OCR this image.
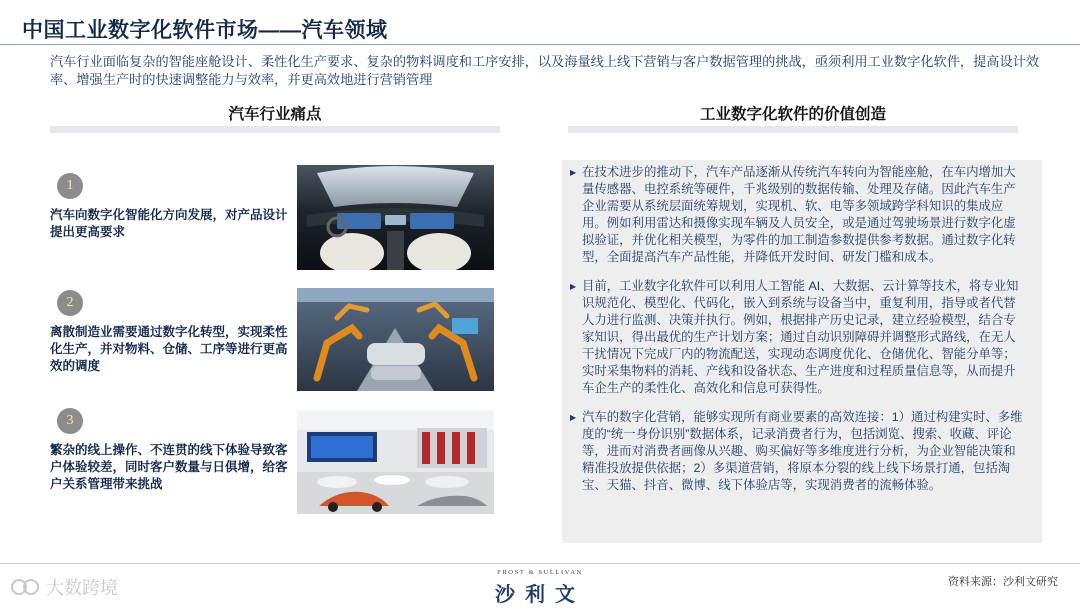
中国工业数字化软件市场——汽车领域
汽车行业面临复杂的智能座舱设计、柔性化生产要求、复杂的物料调度和工序安排，以及海量线上线下营销与客户数据管理的挑战，亟须利用工业数字化软件，提高设计效率、增强生产时的快速调整能力与效率，并更高效地进行营销管理
汽车行业痛点	工业数字化软件的价值创造
1
汽车向数字化智能化方向发展，对产品设计提出更高要求
2
离散制造业需要通过数字化转型，实现柔性化生产，并对物料、仓储、工序等进行更高效的调度
3
繁杂的线上操作、不连贯的线下体验导致客户体验较差，同时客户数量与日俱增，给客户关系管理带来挑战
▶ 在技术进步的推动下，汽车产品逐渐从传统汽车转向为智能座舱，在车内增加大量传感器、电控系统等硬件，千兆级别的数据传输、处理及存储。因此汽车生产企业需要从系统层面统筹规划，实现机、软、电等多领域跨学科知识的集成应用。例如利用雷达和摄像实现车辆及人员安全，或是通过驾驶场景进行数字化虚拟验证，并优化相关模型，为零件的加工制造参数提供参考数据。通过数字化转型，全面提高汽车产品性能，并降低开发时间、研发门槛和成本。
▶ 目前，工业数字化软件可以利用人工智能 AI、大数据、云计算等技术，将专业知识规范化、模型化、代码化，嵌入到系统与设备当中，重复利用，指导或者代替人力进行监测、决策并执行。例如，根据排产历史记录，建立经验模型，结合专家知识，得出最优的生产计划方案；通过自动识别障碍并调整形式路线，在无人干扰情况下完成厂内的物流配送，实现动态调度优化、仓储优化、智能分单等；实时采集物料的消耗、产线和设备状态、生产进度和过程质量信息等，从而提升车企生产的柔性化、高效化和信息可获得性。
▶ 汽车的数字化营销，能够实现所有商业要素的高效连接：1）通过构建实时、多维度的“统一身份识别”数据体系，记录消费者行为，包括浏览、搜索、收藏、评论等，进而对消费者画像从兴趣、购买偏好等多维度进行分析，为企业智能决策和精准投放提供依据；2）多渠道营销，将原本分裂的线上线下场景打通，包括淘宝、天猫、抖音、微博、线下体验店等，实现消费者的流畅体验。
大数跨境
FROST & SULLIVAN
沙利文
资料来源：沙利文研究
